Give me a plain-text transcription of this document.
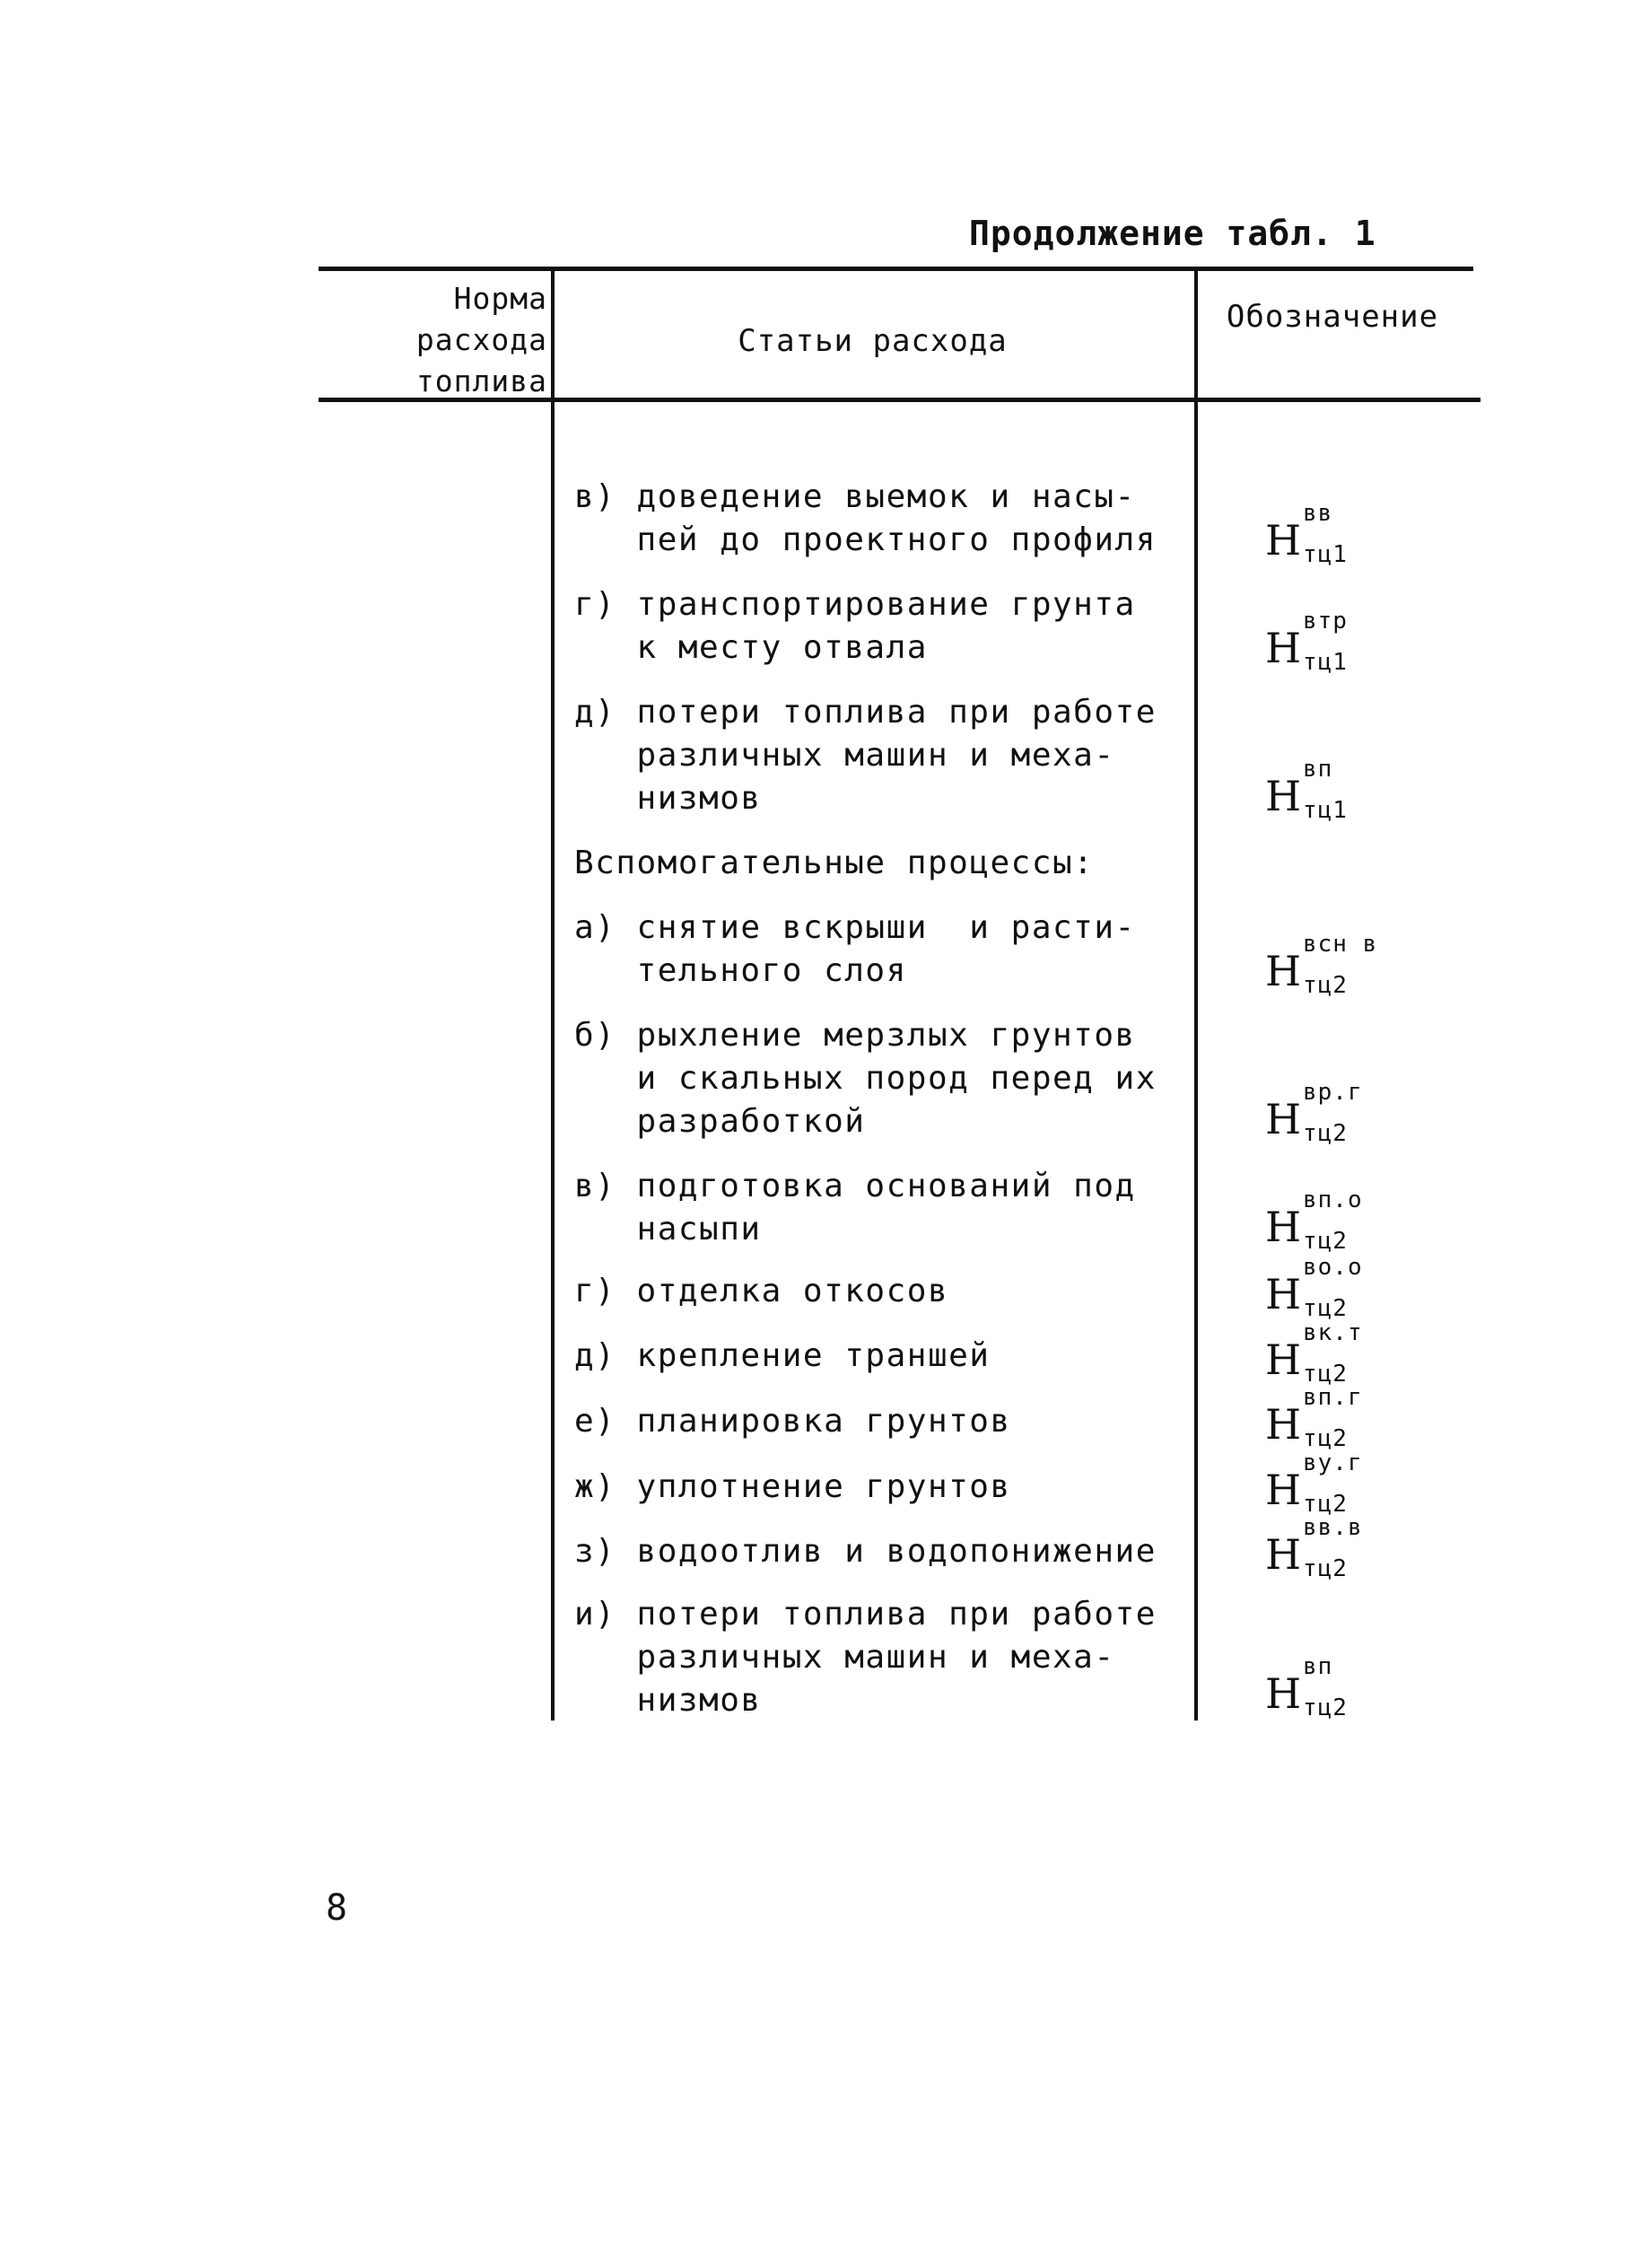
Продолжение табл. 1
Норма расхода топлива
Статьи расхода
Обозначение
в) доведение выемок и насы-
пей до проектного профиля
г) транспортирование грунта
к месту отвала
д) потери топлива при работе
различных машин и меха-
низмов
Вспомогательные процессы:
а) снятие вскрыши  и расти-
тельного слоя
б) рыхление мерзлых грунтов
и скальных пород перед их
разработкой
в) подготовка оснований под
насыпи
г) отделка откосов
д) крепление траншей
е) планировка грунтов
ж) уплотнение грунтов
з) водоотлив и водопонижение
и) потери топлива при работе
различных машин и меха-
низмов
Н
вв
тц1
Н
втр
тц1
Н
вп
тц1
Н
всн в
тц2
Н
вр.г
тц2
Н
вп.о
тц2
Н
во.о
тц2
Н
вк.т
тц2
Н
вп.г
тц2
Н
ву.г
тц2
Н
вв.в
тц2
Н
вп
тц2
8
